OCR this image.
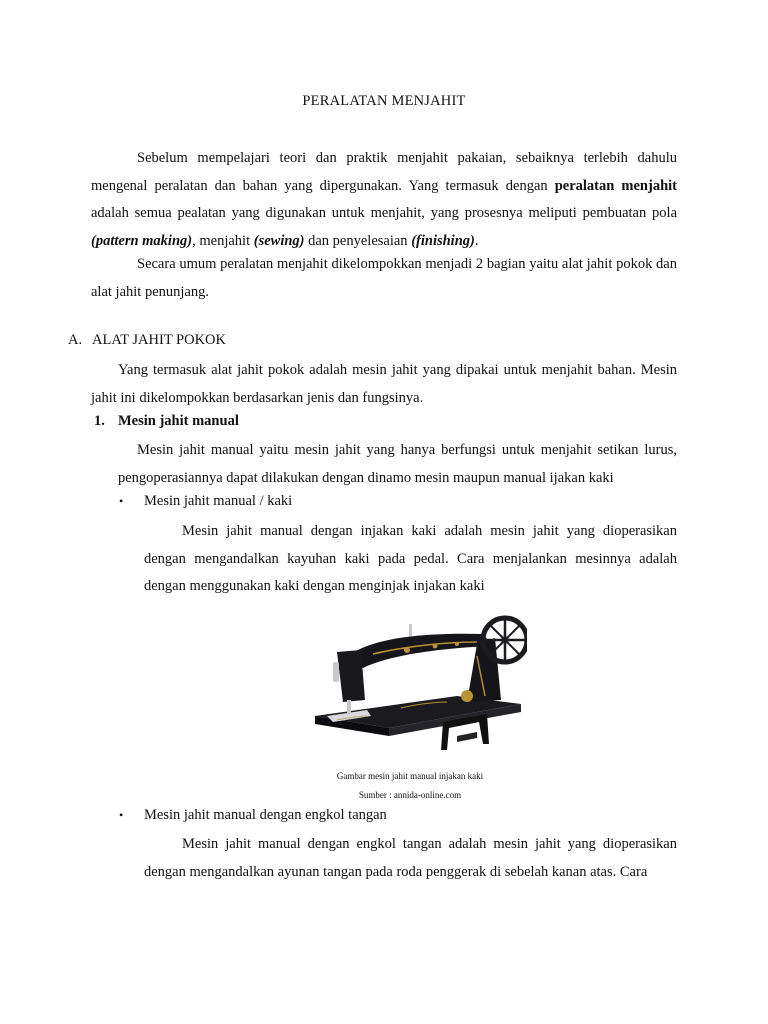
PERALATAN MENJAHIT

Sebelum mempelajari teori dan praktik menjahit pakaian, sebaiknya terlebih dahulu mengenal peralatan dan bahan yang dipergunakan. Yang termasuk dengan peralatan menjahit adalah semua pealatan yang digunakan untuk menjahit, yang prosesnya meliputi pembuatan pola (pattern making), menjahit (sewing) dan penyelesaian (finishing).

Secara umum peralatan menjahit dikelompokkan menjadi 2 bagian yaitu alat jahit pokok dan alat jahit penunjang.

A. ALAT JAHIT POKOK

Yang termasuk alat jahit pokok adalah mesin jahit yang dipakai untuk menjahit bahan. Mesin jahit ini dikelompokkan berdasarkan jenis dan fungsinya.

1. Mesin jahit manual

Mesin jahit manual yaitu mesin jahit yang hanya berfungsi untuk menjahit setikan lurus, pengoperasiannya dapat dilakukan dengan dinamo mesin maupun manual ijakan kaki

• Mesin jahit manual / kaki

Mesin jahit manual dengan injakan kaki adalah mesin jahit yang dioperasikan dengan mengandalkan kayuhan kaki pada pedal. Cara menjalankan mesinnya adalah dengan menggunakan kaki dengan menginjak injakan kaki

Gambar mesin jahit manual injakan kaki
Sumber : annida-online.com
• Mesin jahit manual dengan engkol tangan

Mesin jahit manual dengan engkol tangan adalah mesin jahit yang dioperasikan dengan mengandalkan ayunan tangan pada roda penggerak di sebelah kanan atas. Cara
